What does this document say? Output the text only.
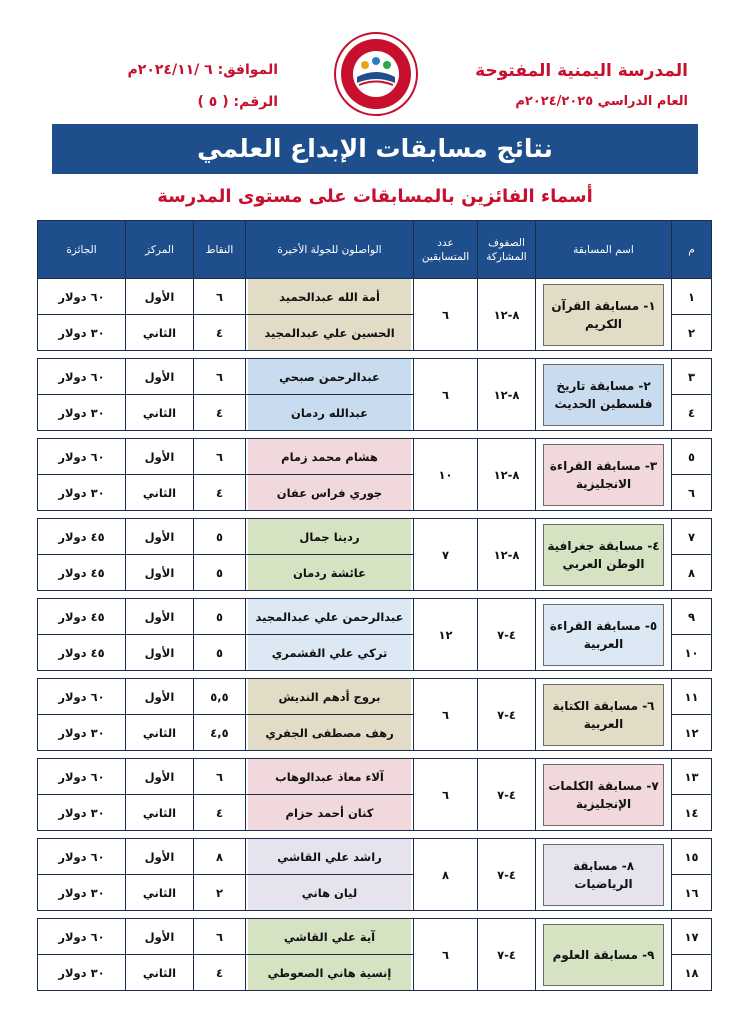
المدرسة اليمنية المفتوحة
العام الدراسي ٢٠٢٤/٢٠٢٥م
الموافق: ٦ /٢٠٢٤/١١م
الرقم: ( ٥ )
نتائج مسابقات الإبداع العلمي
أسماء الفائزين بالمسابقات على مستوى المدرسة
م	اسم المسابقة	الصفوف المشاركة	عدد المتسابقين	الواصلون للجولة الأخيرة	النقاط	المركز	الجائزة
١	١- مسابقة القرآن الكريم	٨-١٢	٦	أمة الله عبدالحميد	٦	الأول	٦٠ دولار
٢				الحسين علي عبدالمجيد	٤	الثاني	٣٠ دولار

٣	٢- مسابقة تاريخ فلسطين الحديث	٨-١٢	٦	عبدالرحمن صبحي	٦	الأول	٦٠ دولار
٤				عبدالله ردمان	٤	الثاني	٣٠ دولار

٥	٣- مسابقة القراءة الانجليزية	٨-١٢	١٠	هشام محمد زمام	٦	الأول	٦٠ دولار
٦				جوري فراس عفان	٤	الثاني	٣٠ دولار

٧	٤- مسابقة جغرافية الوطن العربي	٨-١٢	٧	ردينا جمال	٥	الأول	٤٥ دولار
٨				عائشة ردمان	٥	الأول	٤٥ دولار

٩	٥- مسابقة القراءة العربية	٤-٧	١٢	عبدالرحمن علي عبدالمجيد	٥	الأول	٤٥ دولار
١٠				تركي علي القشمري	٥	الأول	٤٥ دولار

١١	٦- مسابقة الكتابة العربية	٤-٧	٦	بروج أدهم النديش	٥,٥	الأول	٦٠ دولار
١٢				رهف مصطفى الجفري	٤,٥	الثاني	٣٠ دولار

١٣	٧- مسابقة الكلمات الإنجليزية	٤-٧	٦	آلاء معاذ عبدالوهاب	٦	الأول	٦٠ دولار
١٤				كنان أحمد حزام	٤	الثاني	٣٠ دولار

١٥	٨- مسابقة الرياضيات	٤-٧	٨	راشد علي القاشي	٨	الأول	٦٠ دولار
١٦				ليان هاني	٢	الثاني	٣٠ دولار

١٧	٩- مسابقة العلوم	٤-٧	٦	آية علي القاشي	٦	الأول	٦٠ دولار
١٨				إنسية هاني الصعوطي	٤	الثاني	٣٠ دولار
